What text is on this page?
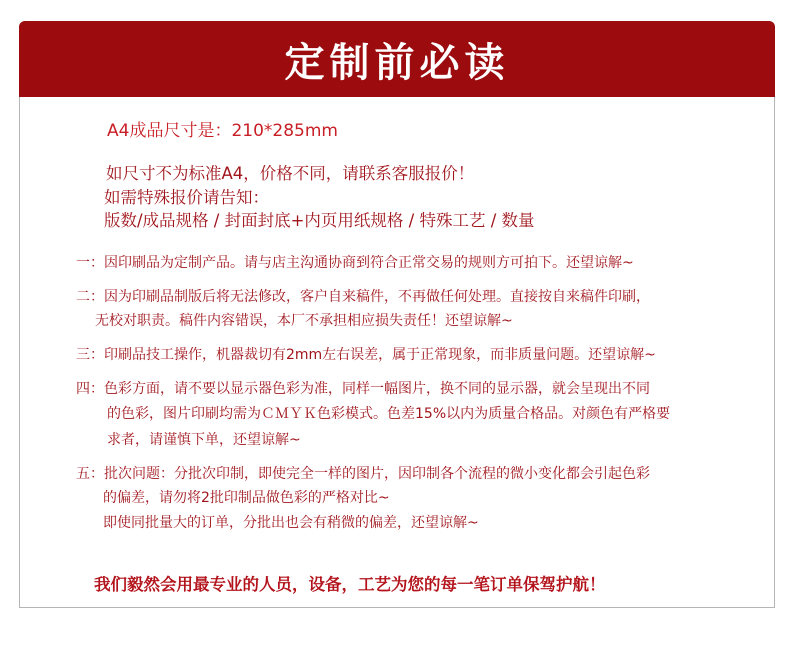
定制前必读
A4成品尺寸是：210*285mm
如尺寸不为标准A4，价格不同，请联系客服报价！
如需特殊报价请告知：
版数/成品规格 / 封面封底+内页用纸规格 / 特殊工艺 / 数量
一：因印刷品为定制产品。请与店主沟通协商到符合正常交易的规则方可拍下。还望谅解~
二：因为印刷品制版后将无法修改，客户自来稿件，不再做任何处理。直接按自来稿件印刷，
无校对职责。稿件内容错误，本厂不承担相应损失责任！还望谅解~
三：印刷品技工操作，机器裁切有2mm左右误差，属于正常现象，而非质量问题。还望谅解~
四：色彩方面，请不要以显示器色彩为准，同样一幅图片，换不同的显示器，就会呈现出不同
的色彩，图片印刷均需为ＣＭＹＫ色彩模式。色差15%以内为质量合格品。对颜色有严格要
求者，请谨慎下单，还望谅解~
五：批次问题：分批次印制，即使完全一样的图片，因印制各个流程的微小变化都会引起色彩
的偏差，请勿将2批印制品做色彩的严格对比~
即使同批量大的订单，分批出也会有稍微的偏差，还望谅解~
我们毅然会用最专业的人员，设备，工艺为您的每一笔订单保驾护航！
